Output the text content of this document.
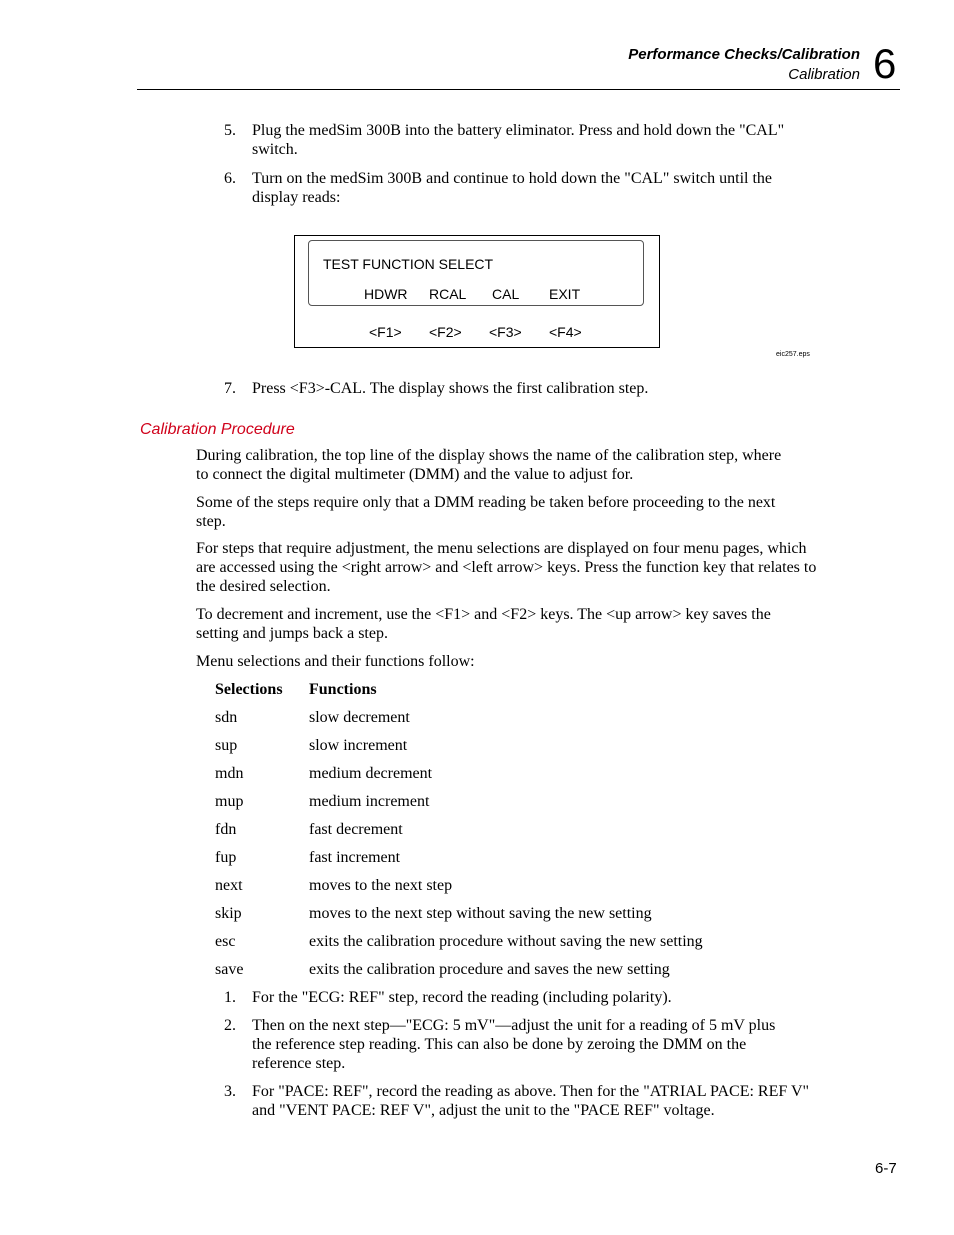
Performance Checks/Calibration
Calibration 6
5. Plug the medSim 300B into the battery eliminator. Press and hold down the "CAL" switch.
6. Turn on the medSim 300B and continue to hold down the "CAL" switch until the display reads:
TEST FUNCTION SELECT
HDWR RCAL CAL EXIT
<F1> <F2> <F3> <F4>
eic257.eps
7. Press <F3>-CAL. The display shows the first calibration step.
Calibration Procedure
During calibration, the top line of the display shows the name of the calibration step, where to connect the digital multimeter (DMM) and the value to adjust for.
Some of the steps require only that a DMM reading be taken before proceeding to the next step.
For steps that require adjustment, the menu selections are displayed on four menu pages, which are accessed using the <right arrow> and <left arrow> keys. Press the function key that relates to the desired selection.
To decrement and increment, use the <F1> and <F2> keys. The <up arrow> key saves the setting and jumps back a step.
Menu selections and their functions follow:
Selections Functions
sdn	slow decrement
sup	slow increment
mdn	medium decrement
mup	medium increment
fdn	fast decrement
fup	fast increment
next	moves to the next step
skip	moves to the next step without saving the new setting
esc	exits the calibration procedure without saving the new setting
save	exits the calibration procedure and saves the new setting
1. For the "ECG: REF" step, record the reading (including polarity).
2. Then on the next step—"ECG: 5 mV"—adjust the unit for a reading of 5 mV plus the reference step reading. This can also be done by zeroing the DMM on the reference step.
3. For "PACE: REF", record the reading as above. Then for the "ATRIAL PACE: REF V" and "VENT PACE: REF V", adjust the unit to the "PACE REF" voltage.
6-7
